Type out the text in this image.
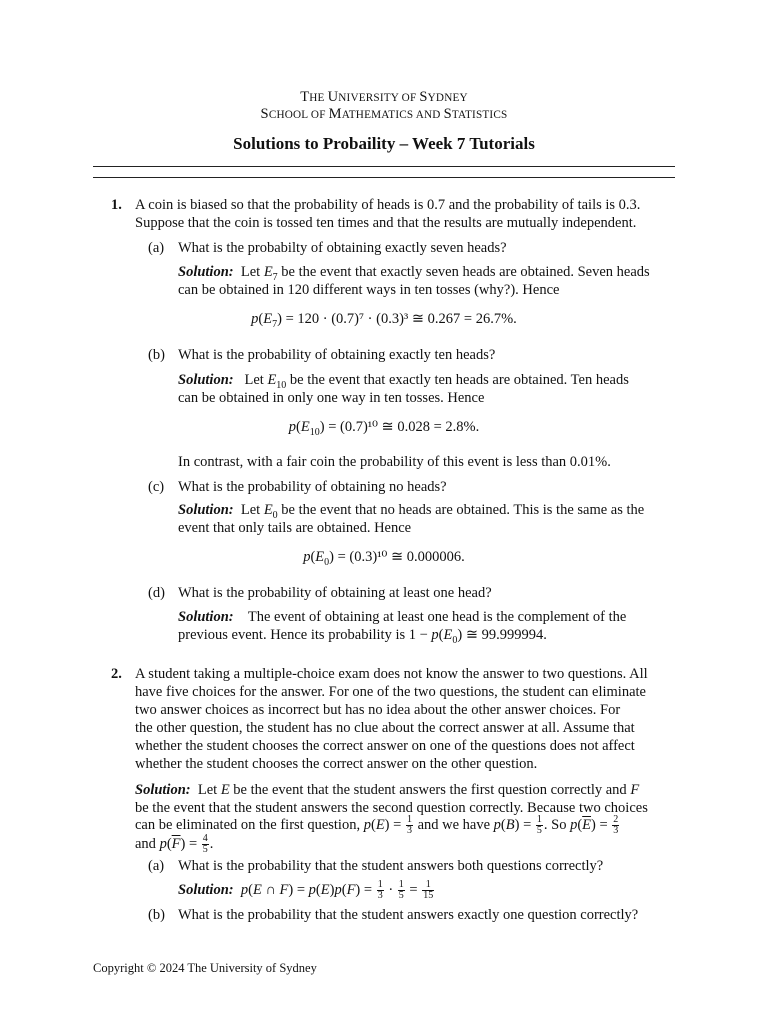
THE UNIVERSITY OF SYDNEY
SCHOOL OF MATHEMATICS AND STATISTICS
Solutions to Probaility – Week 7 Tutorials
1. A coin is biased so that the probability of heads is 0.7 and the probability of tails is 0.3.
Suppose that the coin is tossed ten times and that the results are mutually independent.
(a) What is the probabilty of obtaining exactly seven heads?
Solution: Let $E_7$ be the event that exactly seven heads are obtained. Seven heads
can be obtained in 120 different ways in ten tosses (why?). Hence
$p(E_7) = 120 \cdot (0.7)^7 \cdot (0.3)^3$ ≅ 0.267 = 26.7%.
(b) What is the probability of obtaining exactly ten heads?
Solution: Let $E_{10}$ be the event that exactly ten heads are obtained. Ten heads
can be obtained in only one way in ten tosses. Hence
$p(E_{10}) = (0.7)^{10}$ ≅ 0.028 = 2.8%.
In contrast, with a fair coin the probability of this event is less than 0.01%.
(c) What is the probability of obtaining no heads?
Solution: Let $E_0$ be the event that no heads are obtained. This is the same as the
event that only tails are obtained. Hence
$p(E_0) = (0.3)^{10}$ ≅ 0.000006.
(d) What is the probability of obtaining at least one head?
Solution: The event of obtaining at least one head is the complement of the
previous event. Hence its probability is $1 - p(E_0)$ ≅ 99.999994.
2. A student taking a multiple-choice exam does not know the answer to two questions. All
have five choices for the answer. For one of the two questions, the student can eliminate
two answer choices as incorrect but has no idea about the other answer choices. For
the other question, the student has no clue about the correct answer at all. Assume that
whether the student chooses the correct answer on one of the questions does not affect
whether the student chooses the correct answer on the other question.
Solution: Let E be the event that the student answers the first question correctly and F
be the event that the student answers the second question correctly. Because two choices
can be eliminated on the first question, $p(E) = \frac{1}{3}$ and we have $p(B) = \frac{1}{5}$ . So $p(\overline{E}) = \frac{2}{3}$
and $p(\overline{F}) = \frac{4}{5}$ .
(a) What is the probability that the student answers both questions correctly?
Solution: p(E ∩ $F) = p(E)p(F) = \frac{1}{3} \cdot \frac{1}{5} = \frac{1}{15}$
(b) What is the probability that the student answers exactly one question correctly?
Copyright © 2024 The University of Sydney
